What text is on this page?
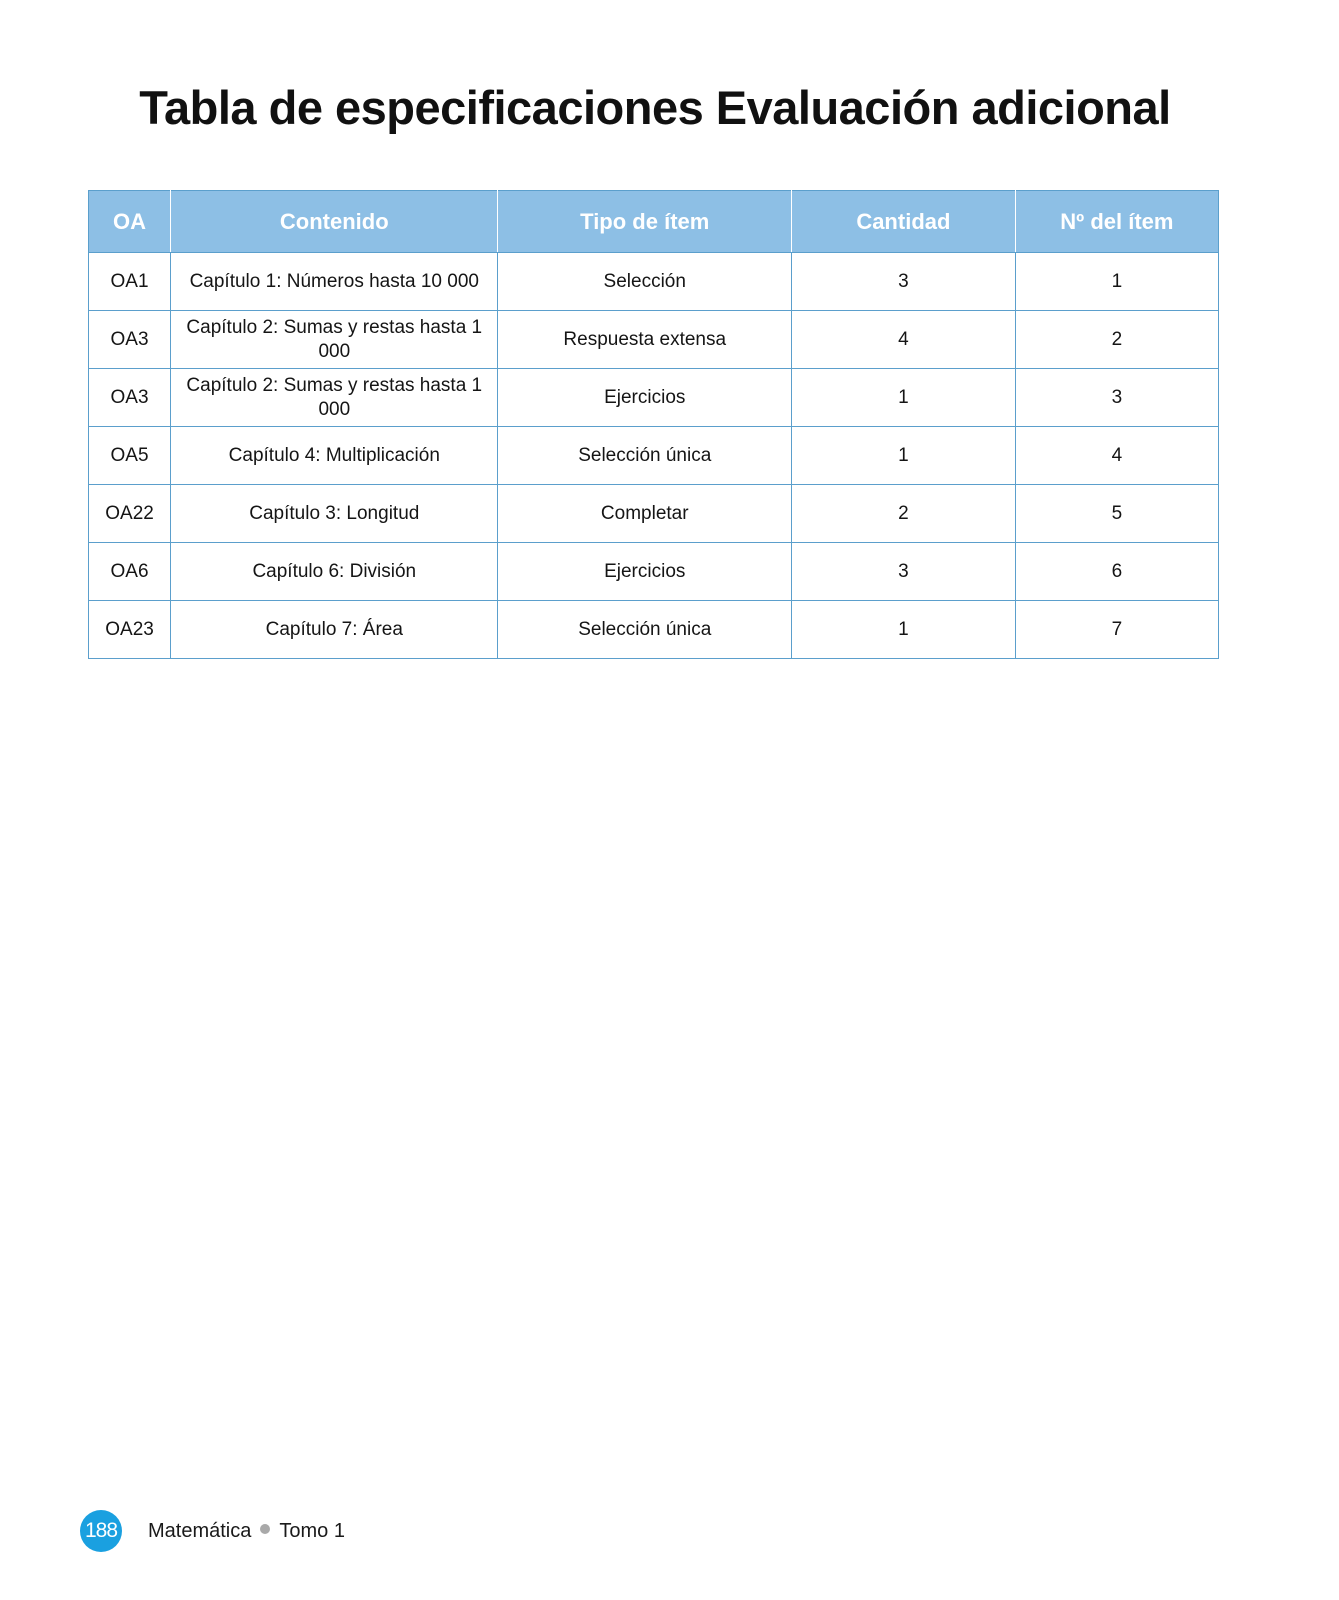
Tabla de especificaciones Evaluación adicional
OA	Contenido	Tipo de ítem	Cantidad	Nº del ítem
OA1	Capítulo 1: Números hasta 10 000	Selección	3	1
OA3	Capítulo 2: Sumas y restas hasta 1 000	Respuesta extensa	4	2
OA3	Capítulo 2: Sumas y restas hasta 1 000	Ejercicios	1	3
OA5	Capítulo 4: Multiplicación	Selección única	1	4
OA22	Capítulo 3: Longitud	Completar	2	5
OA6	Capítulo 6: División	Ejercicios	3	6
OA23	Capítulo 7: Área	Selección única	1	7
188 Matemática Tomo 1
